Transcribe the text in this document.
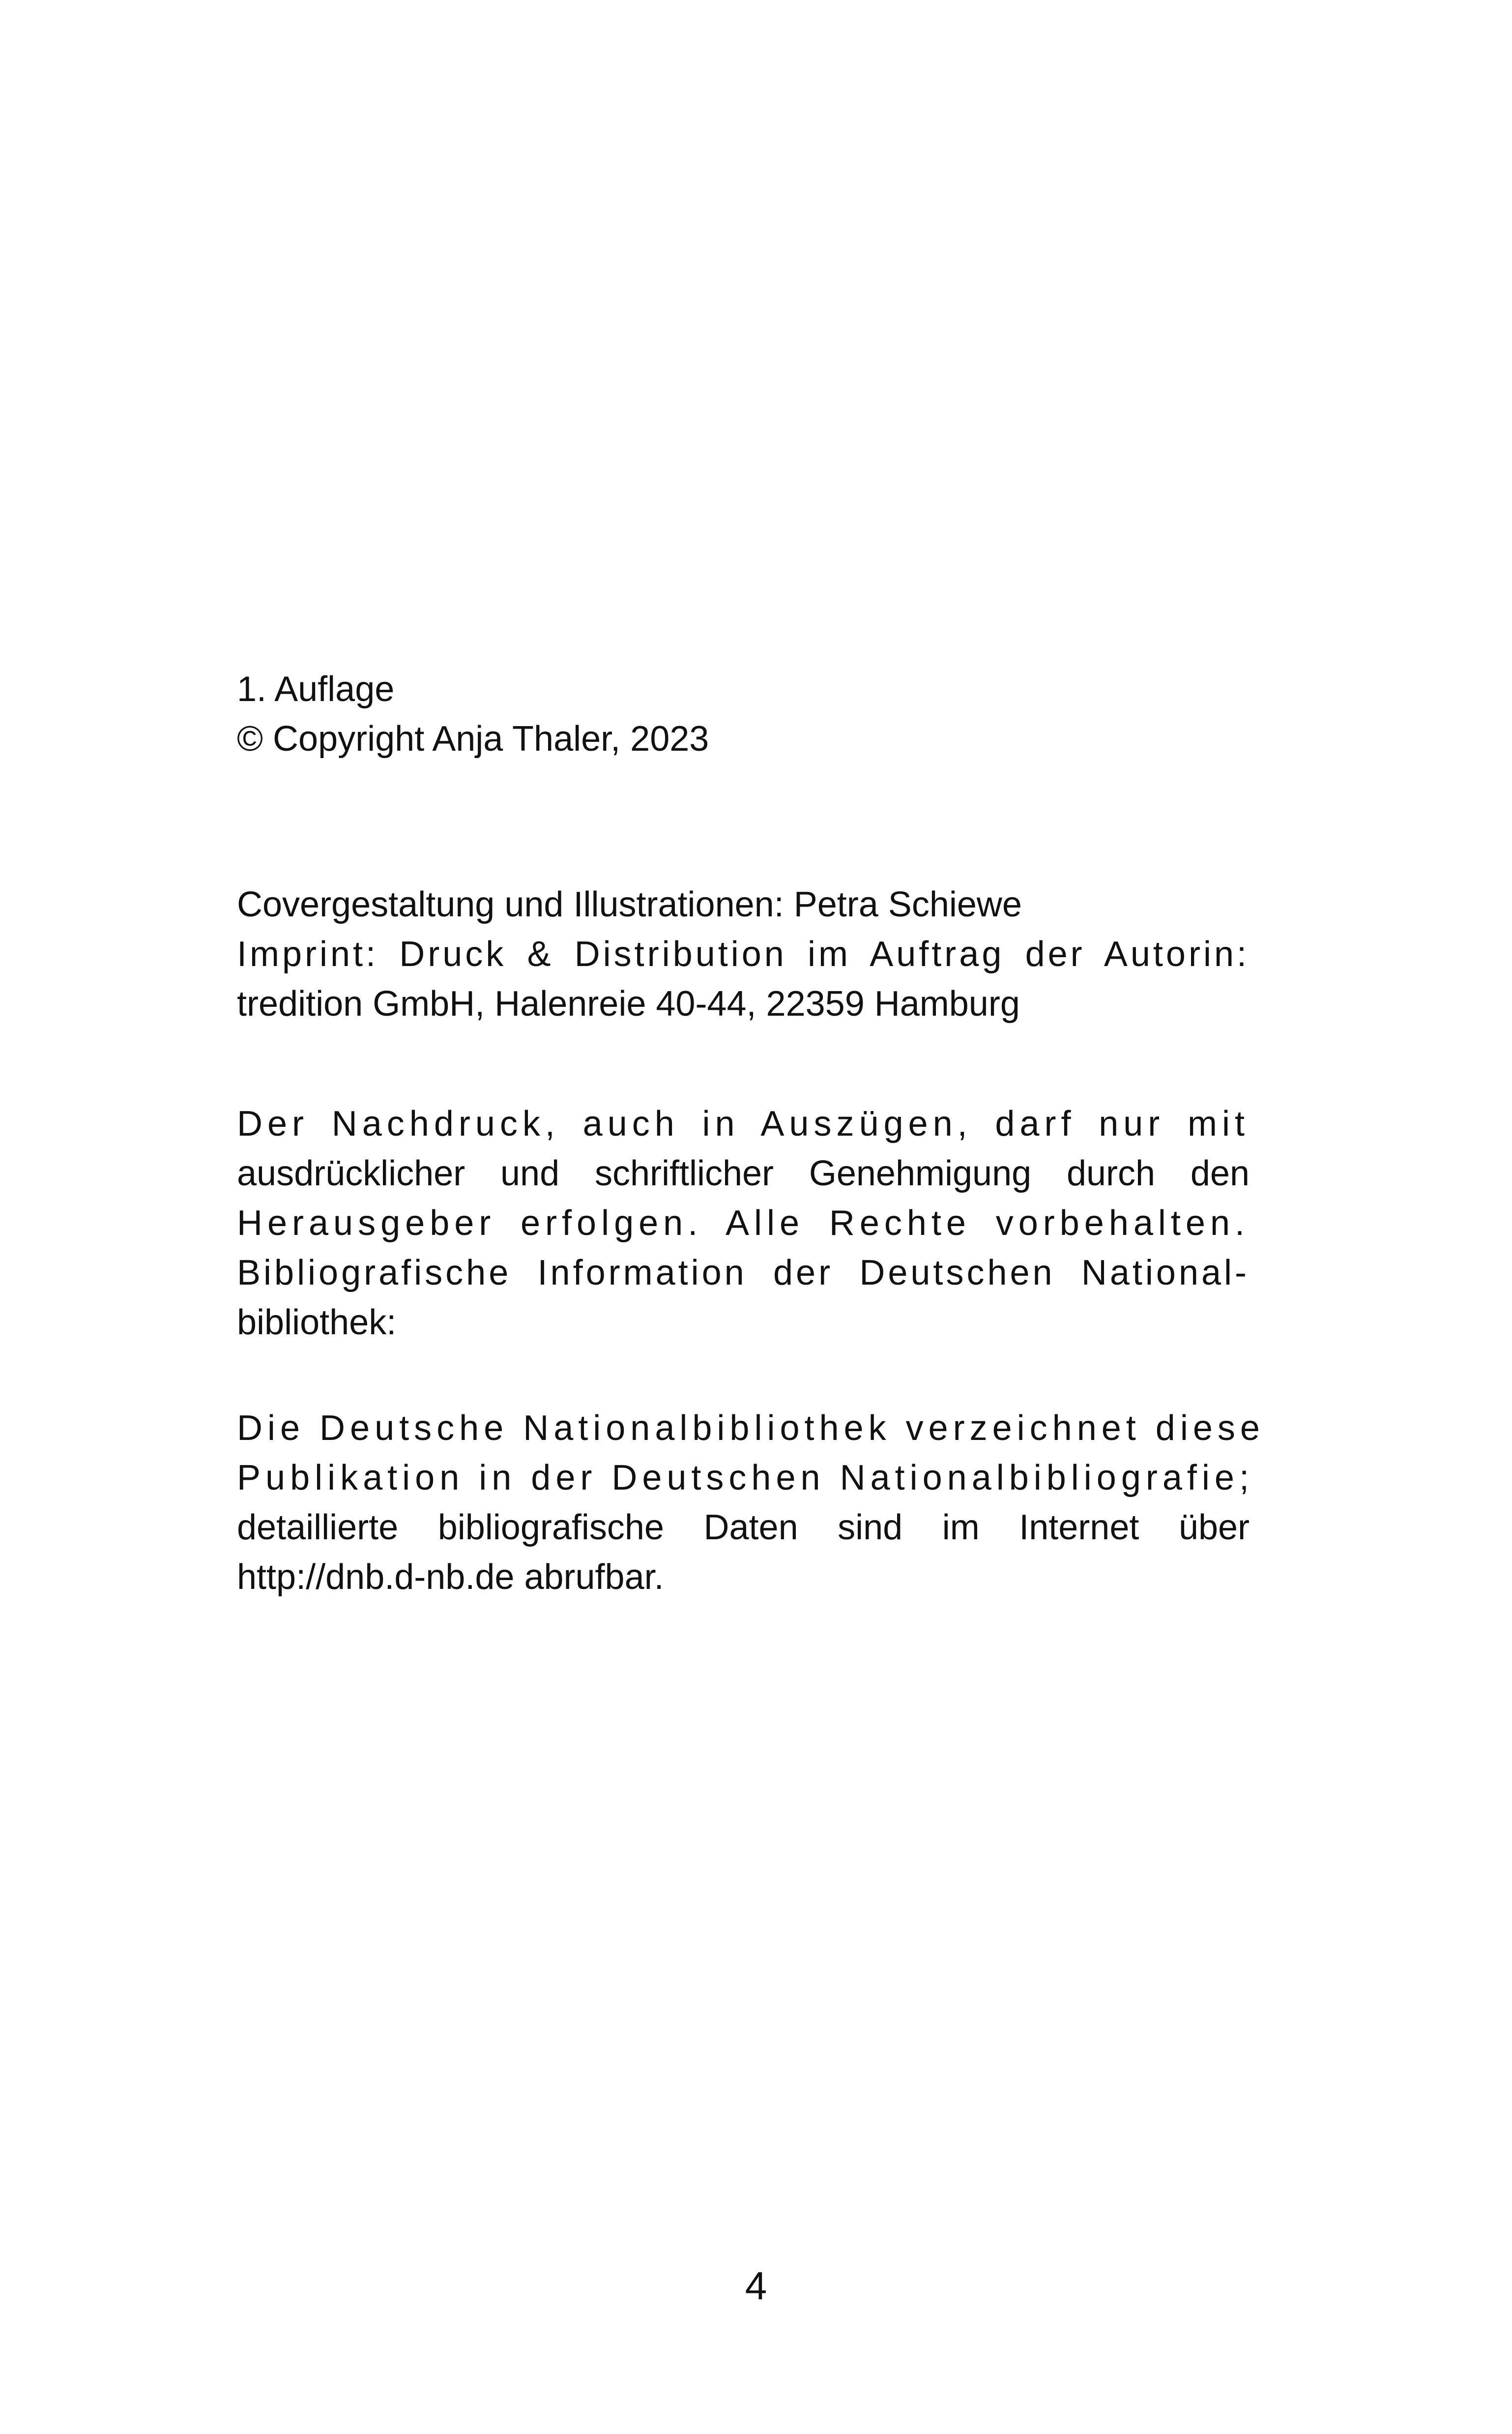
1. Auflage
© Copyright Anja Thaler, 2023
Covergestaltung und Illustrationen: Petra Schiewe
Imprint: Druck & Distribution im Auftrag der Autorin:
tredition GmbH, Halenreie 40-44, 22359 Hamburg
Der Nachdruck, auch in Auszügen, darf nur mit
ausdrücklicher und schriftlicher Genehmigung durch den
Herausgeber erfolgen. Alle Rechte vorbehalten.
Bibliografische Information der Deutschen National-
bibliothek:
Die Deutsche Nationalbibliothek verzeichnet diese
Publikation in der Deutschen Nationalbibliografie;
detaillierte bibliografische Daten sind im Internet über
http://dnb.d-nb.de abrufbar.
4
